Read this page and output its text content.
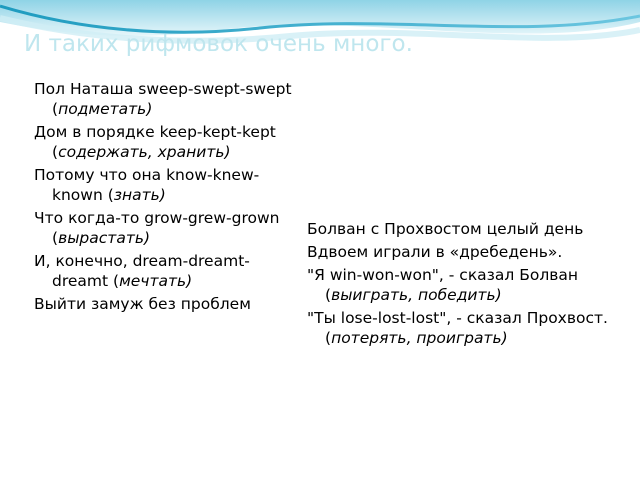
И таких рифмовок очень много.
Пол Наташа sweep-swept-swept (подметать)
Дом в порядке keep-kept-kept (содержать, хранить)
Потому что она know-knew-known (знать)
Что когда-то grow-grew-grown (вырастать)
И, конечно, dream-dreamt-dreamt (мечтать)
Выйти замуж без проблем
Болван с Прохвостом целый день
Вдвоем играли в «дребедень».
"Я win-won-won", - сказал Болван (выиграть, победить)
"Ты lose-lost-lost", - сказал Прохвост. (потерять, проиграть)
